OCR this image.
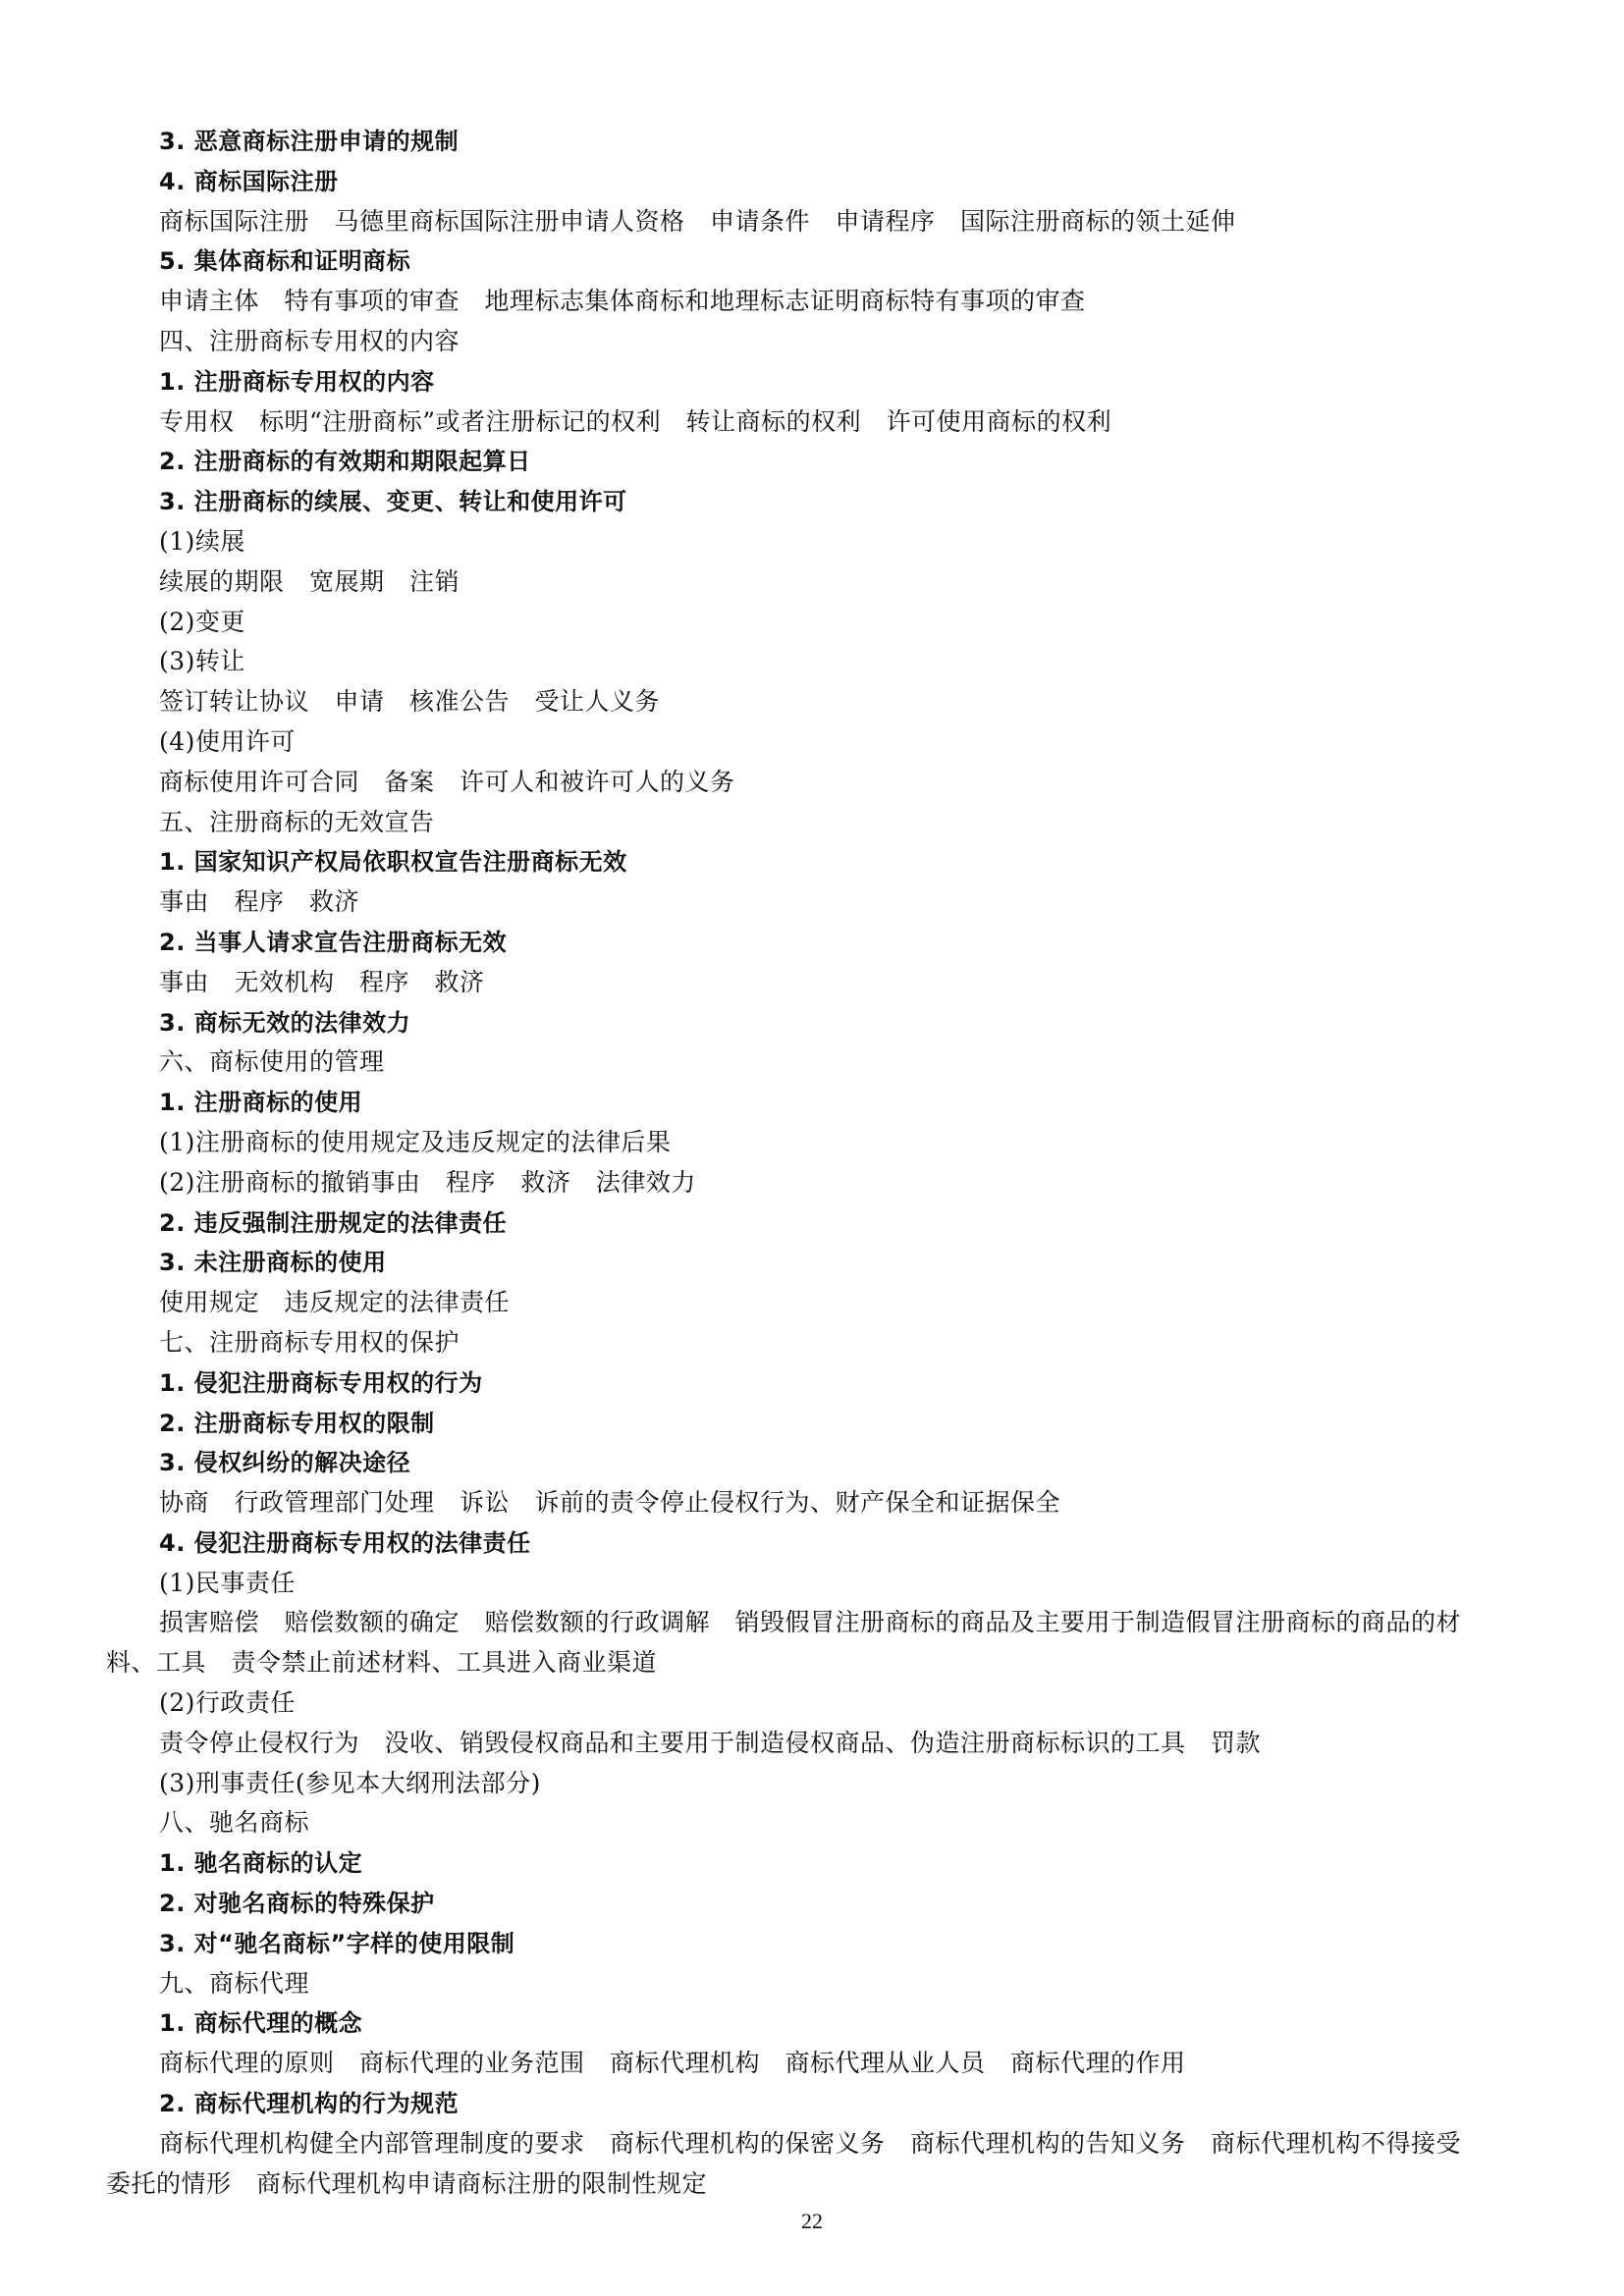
3. 恶意商标注册申请的规制
4. 商标国际注册
商标国际注册　马德里商标国际注册申请人资格　申请条件　申请程序　国际注册商标的领土延伸
5. 集体商标和证明商标
申请主体　特有事项的审查　地理标志集体商标和地理标志证明商标特有事项的审查
四、注册商标专用权的内容
1. 注册商标专用权的内容
专用权　标明“注册商标”或者注册标记的权利　转让商标的权利　许可使用商标的权利
2. 注册商标的有效期和期限起算日
3. 注册商标的续展、变更、转让和使用许可
(1)续展
续展的期限　宽展期　注销
(2)变更
(3)转让
签订转让协议　申请　核准公告　受让人义务
(4)使用许可
商标使用许可合同　备案　许可人和被许可人的义务
五、注册商标的无效宣告
1. 国家知识产权局依职权宣告注册商标无效
事由　程序　救济
2. 当事人请求宣告注册商标无效
事由　无效机构　程序　救济
3. 商标无效的法律效力
六、商标使用的管理
1. 注册商标的使用
(1)注册商标的使用规定及违反规定的法律后果
(2)注册商标的撤销事由　程序　救济　法律效力
2. 违反强制注册规定的法律责任
3. 未注册商标的使用
使用规定　违反规定的法律责任
七、注册商标专用权的保护
1. 侵犯注册商标专用权的行为
2. 注册商标专用权的限制
3. 侵权纠纷的解决途径
协商　行政管理部门处理　诉讼　诉前的责令停止侵权行为、财产保全和证据保全
4. 侵犯注册商标专用权的法律责任
(1)民事责任
损害赔偿　赔偿数额的确定　赔偿数额的行政调解　销毁假冒注册商标的商品及主要用于制造假冒注册商标的商品的材料、工具　责令禁止前述材料、工具进入商业渠道
(2)行政责任
责令停止侵权行为　没收、销毁侵权商品和主要用于制造侵权商品、伪造注册商标标识的工具　罚款
(3)刑事责任(参见本大纲刑法部分)
八、驰名商标
1. 驰名商标的认定
2. 对驰名商标的特殊保护
3. 对“驰名商标”字样的使用限制
九、商标代理
1. 商标代理的概念
商标代理的原则　商标代理的业务范围　商标代理机构　商标代理从业人员　商标代理的作用
2. 商标代理机构的行为规范
商标代理机构健全内部管理制度的要求　商标代理机构的保密义务　商标代理机构的告知义务　商标代理机构不得接受委托的情形　商标代理机构申请商标注册的限制性规定
22
